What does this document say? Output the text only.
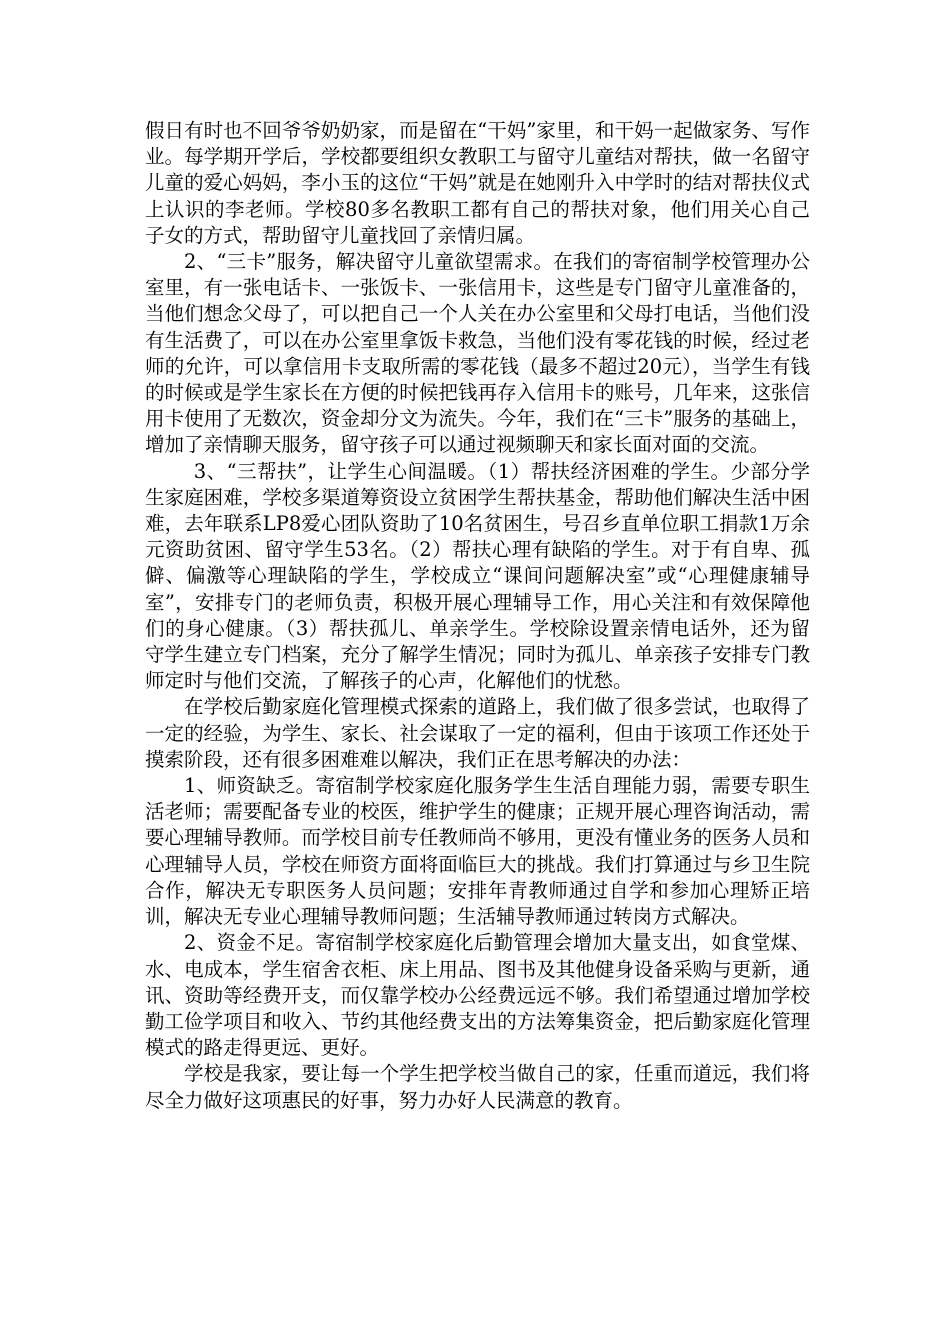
假日有时也不回爷爷奶奶家，而是留在“干妈”家里，和干妈一起做家务、写作业。每学期开学后，学校都要组织女教职工与留守儿童结对帮扶，做一名留守儿童的爱心妈妈，李小玉的这位“干妈”就是在她刚升入中学时的结对帮扶仪式上认识的李老师。学校80多名教职工都有自己的帮扶对象，他们用关心自己子女的方式，帮助留守儿童找回了亲情归属。

2、“三卡”服务，解决留守儿童欲望需求。在我们的寄宿制学校管理办公室里，有一张电话卡、一张饭卡、一张信用卡，这些是专门留守儿童准备的，当他们想念父母了，可以把自己一个人关在办公室里和父母打电话，当他们没有生活费了，可以在办公室里拿饭卡救急，当他们没有零花钱的时候，经过老师的允许，可以拿信用卡支取所需的零花钱（最多不超过20元），当学生有钱的时候或是学生家长在方便的时候把钱再存入信用卡的账号，几年来，这张信用卡使用了无数次，资金却分文为流失。今年，我们在“三卡”服务的基础上，增加了亲情聊天服务，留守孩子可以通过视频聊天和家长面对面的交流。

3、“三帮扶”，让学生心间温暖。（1）帮扶经济困难的学生。少部分学生家庭困难，学校多渠道筹资设立贫困学生帮扶基金，帮助他们解决生活中困难，去年联系LP8爱心团队资助了10名贫困生，号召乡直单位职工捐款1万余元资助贫困、留守学生53名。（2）帮扶心理有缺陷的学生。对于有自卑、孤僻、偏激等心理缺陷的学生，学校成立“课间问题解决室”或“心理健康辅导室”，安排专门的老师负责，积极开展心理辅导工作，用心关注和有效保障他们的身心健康。（3）帮扶孤儿、单亲学生。学校除设置亲情电话外，还为留守学生建立专门档案，充分了解学生情况；同时为孤儿、单亲孩子安排专门教师定时与他们交流，了解孩子的心声，化解他们的忧愁。

在学校后勤家庭化管理模式探索的道路上，我们做了很多尝试，也取得了一定的经验，为学生、家长、社会谋取了一定的福利，但由于该项工作还处于摸索阶段，还有很多困难难以解决，我们正在思考解决的办法：

1、师资缺乏。寄宿制学校家庭化服务学生生活自理能力弱，需要专职生活老师；需要配备专业的校医，维护学生的健康；正规开展心理咨询活动，需要心理辅导教师。而学校目前专任教师尚不够用，更没有懂业务的医务人员和心理辅导人员，学校在师资方面将面临巨大的挑战。我们打算通过与乡卫生院合作，解决无专职医务人员问题；安排年青教师通过自学和参加心理矫正培训，解决无专业心理辅导教师问题；生活辅导教师通过转岗方式解决。

2、资金不足。寄宿制学校家庭化后勤管理会增加大量支出，如食堂煤、水、电成本，学生宿舍衣柜、床上用品、图书及其他健身设备采购与更新，通讯、资助等经费开支，而仅靠学校办公经费远远不够。我们希望通过增加学校勤工俭学项目和收入、节约其他经费支出的方法筹集资金，把后勤家庭化管理模式的路走得更远、更好。

学校是我家，要让每一个学生把学校当做自己的家，任重而道远，我们将尽全力做好这项惠民的好事，努力办好人民满意的教育。
